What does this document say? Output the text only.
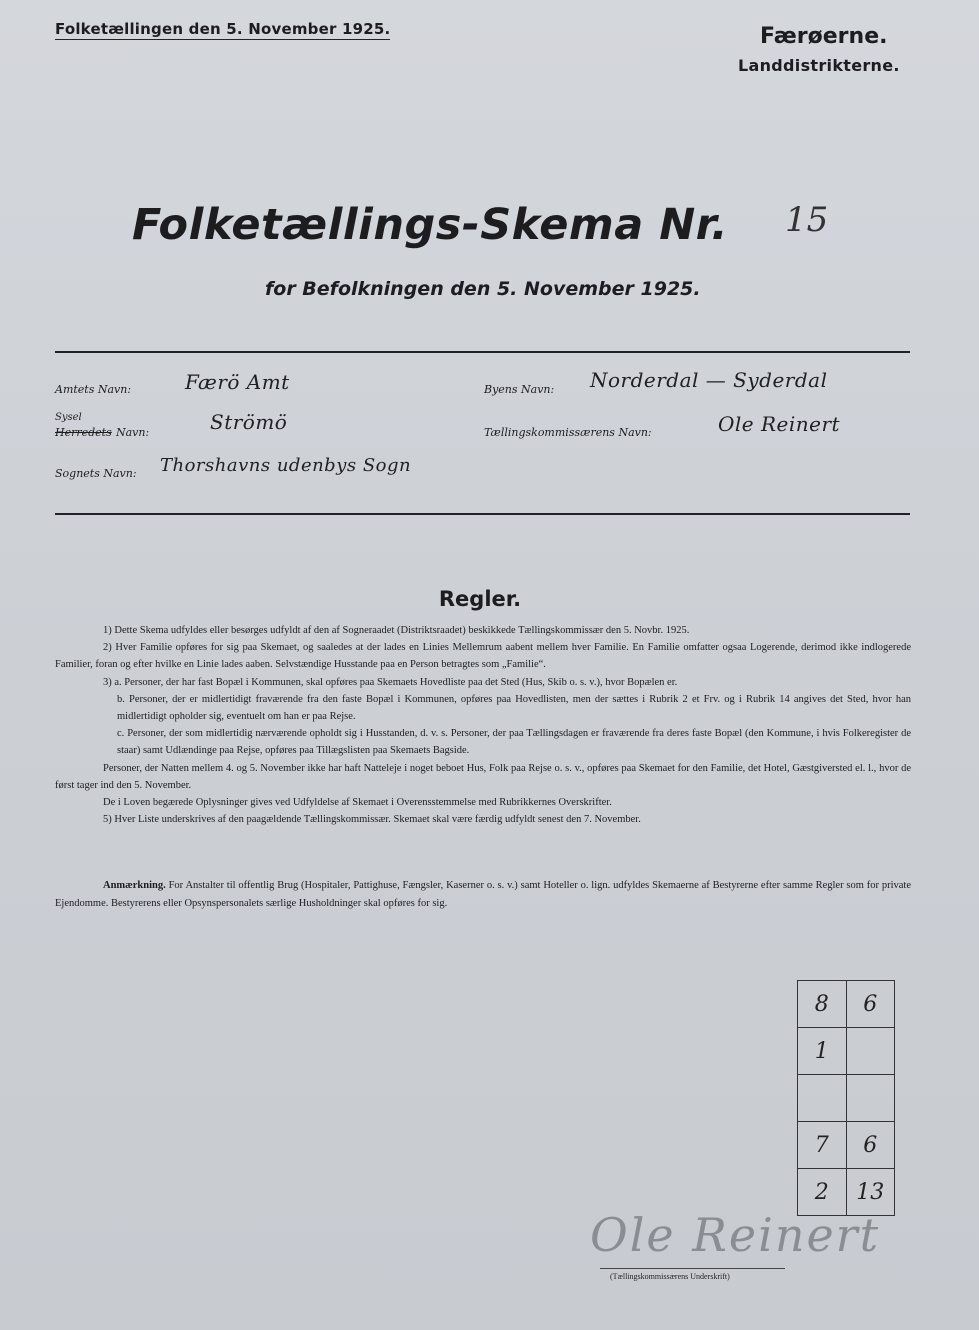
Folketællingen den 5. November 1925.	Færøerne.
Landdistrikterne.
Folketællings-Skema Nr. 15
for Befolkningen den 5. November 1925.
Amtets Navn:	Færö Amt	Byens Navn: Norderdal — Syderdal
Sysel
Herredets Navn:	Strömö	Tællingskommissærens Navn:	Ole Reinert
Sognets Navn: Thorshavns udenbys Sogn
Regler.

1) Dette Skema udfyldes eller besørges udfyldt af den af Sogneraadet (Distriktsraadet) beskikkede Tællingskommissær den 5. Novbr. 1925.

2) Hver Familie opføres for sig paa Skemaet, og saaledes at der lades en Linies Mellemrum aabent mellem hver Familie. En Familie omfatter ogsaa Logerende, derimod ikke indlogerede Familier, foran og efter hvilke en Linie lades aaben. Selvstændige Husstande paa en Person betragtes som „Familie“.

3) a. Personer, der har fast Bopæl i Kommunen, skal opføres paa Skemaets Hovedliste paa det Sted (Hus, Skib o. s. v.), hvor Bopælen er.

b. Personer, der er midlertidigt fraværende fra den faste Bopæl i Kommunen, opføres paa Hovedlisten, men der sættes i Rubrik 2 et Frv. og i Rubrik 14 angives det Sted, hvor han midlertidigt opholder sig, eventuelt om han er paa Rejse.

c. Personer, der som midlertidig nærværende opholdt sig i Husstanden, d. v. s. Personer, der paa Tællingsdagen er fraværende fra deres faste Bopæl (den Kommune, i hvis Folkeregister de staar) samt Udlændinge paa Rejse, opføres paa Tillægslisten paa Skemaets Bagside.

Personer, der Natten mellem 4. og 5. November ikke har haft Natteleje i noget beboet Hus, Folk paa Rejse o. s. v., opføres paa Skemaet for den Familie, det Hotel, Gæstgiversted el. l., hvor de først tager ind den 5. November.

De i Loven begærede Oplysninger gives ved Udfyldelse af Skemaet i Overensstemmelse med Rubrikkernes Overskrifter.

5) Hver Liste underskrives af den paagældende Tællingskommissær. Skemaet skal være færdig udfyldt senest den 7. November.

Anmærkning. For Anstalter til offentlig Brug (Hospitaler, Pattighuse, Fængsler, Kaserner o. s. v.) samt Hoteller o. lign. udfyldes Skemaerne af Bestyrerne efter samme Regler som for private Ejendomme. Bestyrerens eller Opsynspersonalets særlige Husholdninger skal opføres for sig.
8	6
1	

7	6
2	13
Ole Reinert
(Tællingskommissærens Underskrift)
